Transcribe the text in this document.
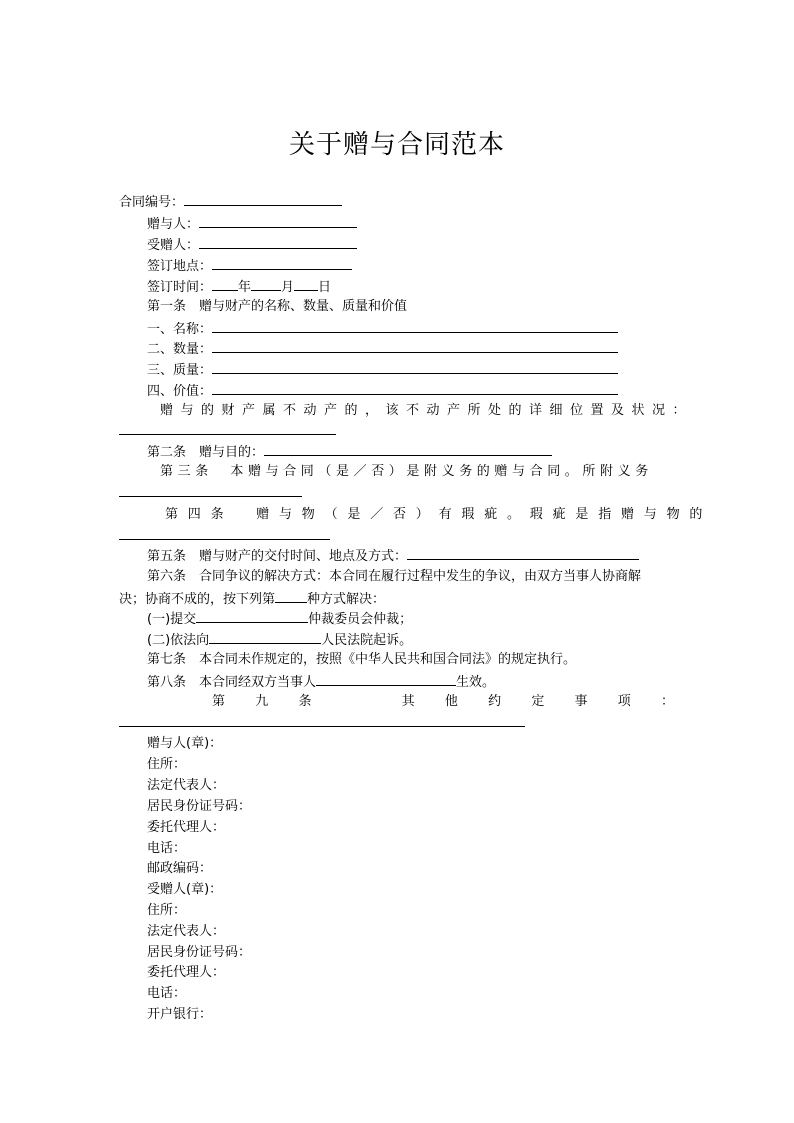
关于赠与合同范本
合同编号：
赠与人：
受赠人：
签订地点：
签订时间： 年 月 日
第一条　赠与财产的名称、数量、质量和价值
一、名称：
二、数量：
三、质量：
四、价值：
赠与的财产属不动产的，该不动产所处的详细位置及状况：
第二条　赠与目的：
第三条　本赠与合同（是／否）是附义务的赠与合同。所附义务
第四条　赠与物（是／否）有瑕疵。瑕疵是指赠与物的
第五条　赠与财产的交付时间、地点及方式：
第六条　合同争议的解决方式：本合同在履行过程中发生的争议，由双方当事人协商解
决；协商不成的，按下列第 种方式解决：
(一)提交	仲裁委员会仲裁；
(二)依法向	人民法院起诉。
第七条　本合同未作规定的，按照《中华人民共和国合同法》的规定执行。
第八条　本合同经双方当事人	生效。
第 九 条	其 他 约 定 事 项 ：
赠与人(章)：
住所：
法定代表人：
居民身份证号码：
委托代理人：
电话：
邮政编码：
受赠人(章)：
住所：
法定代表人：
居民身份证号码：
委托代理人：
电话：
开户银行：
